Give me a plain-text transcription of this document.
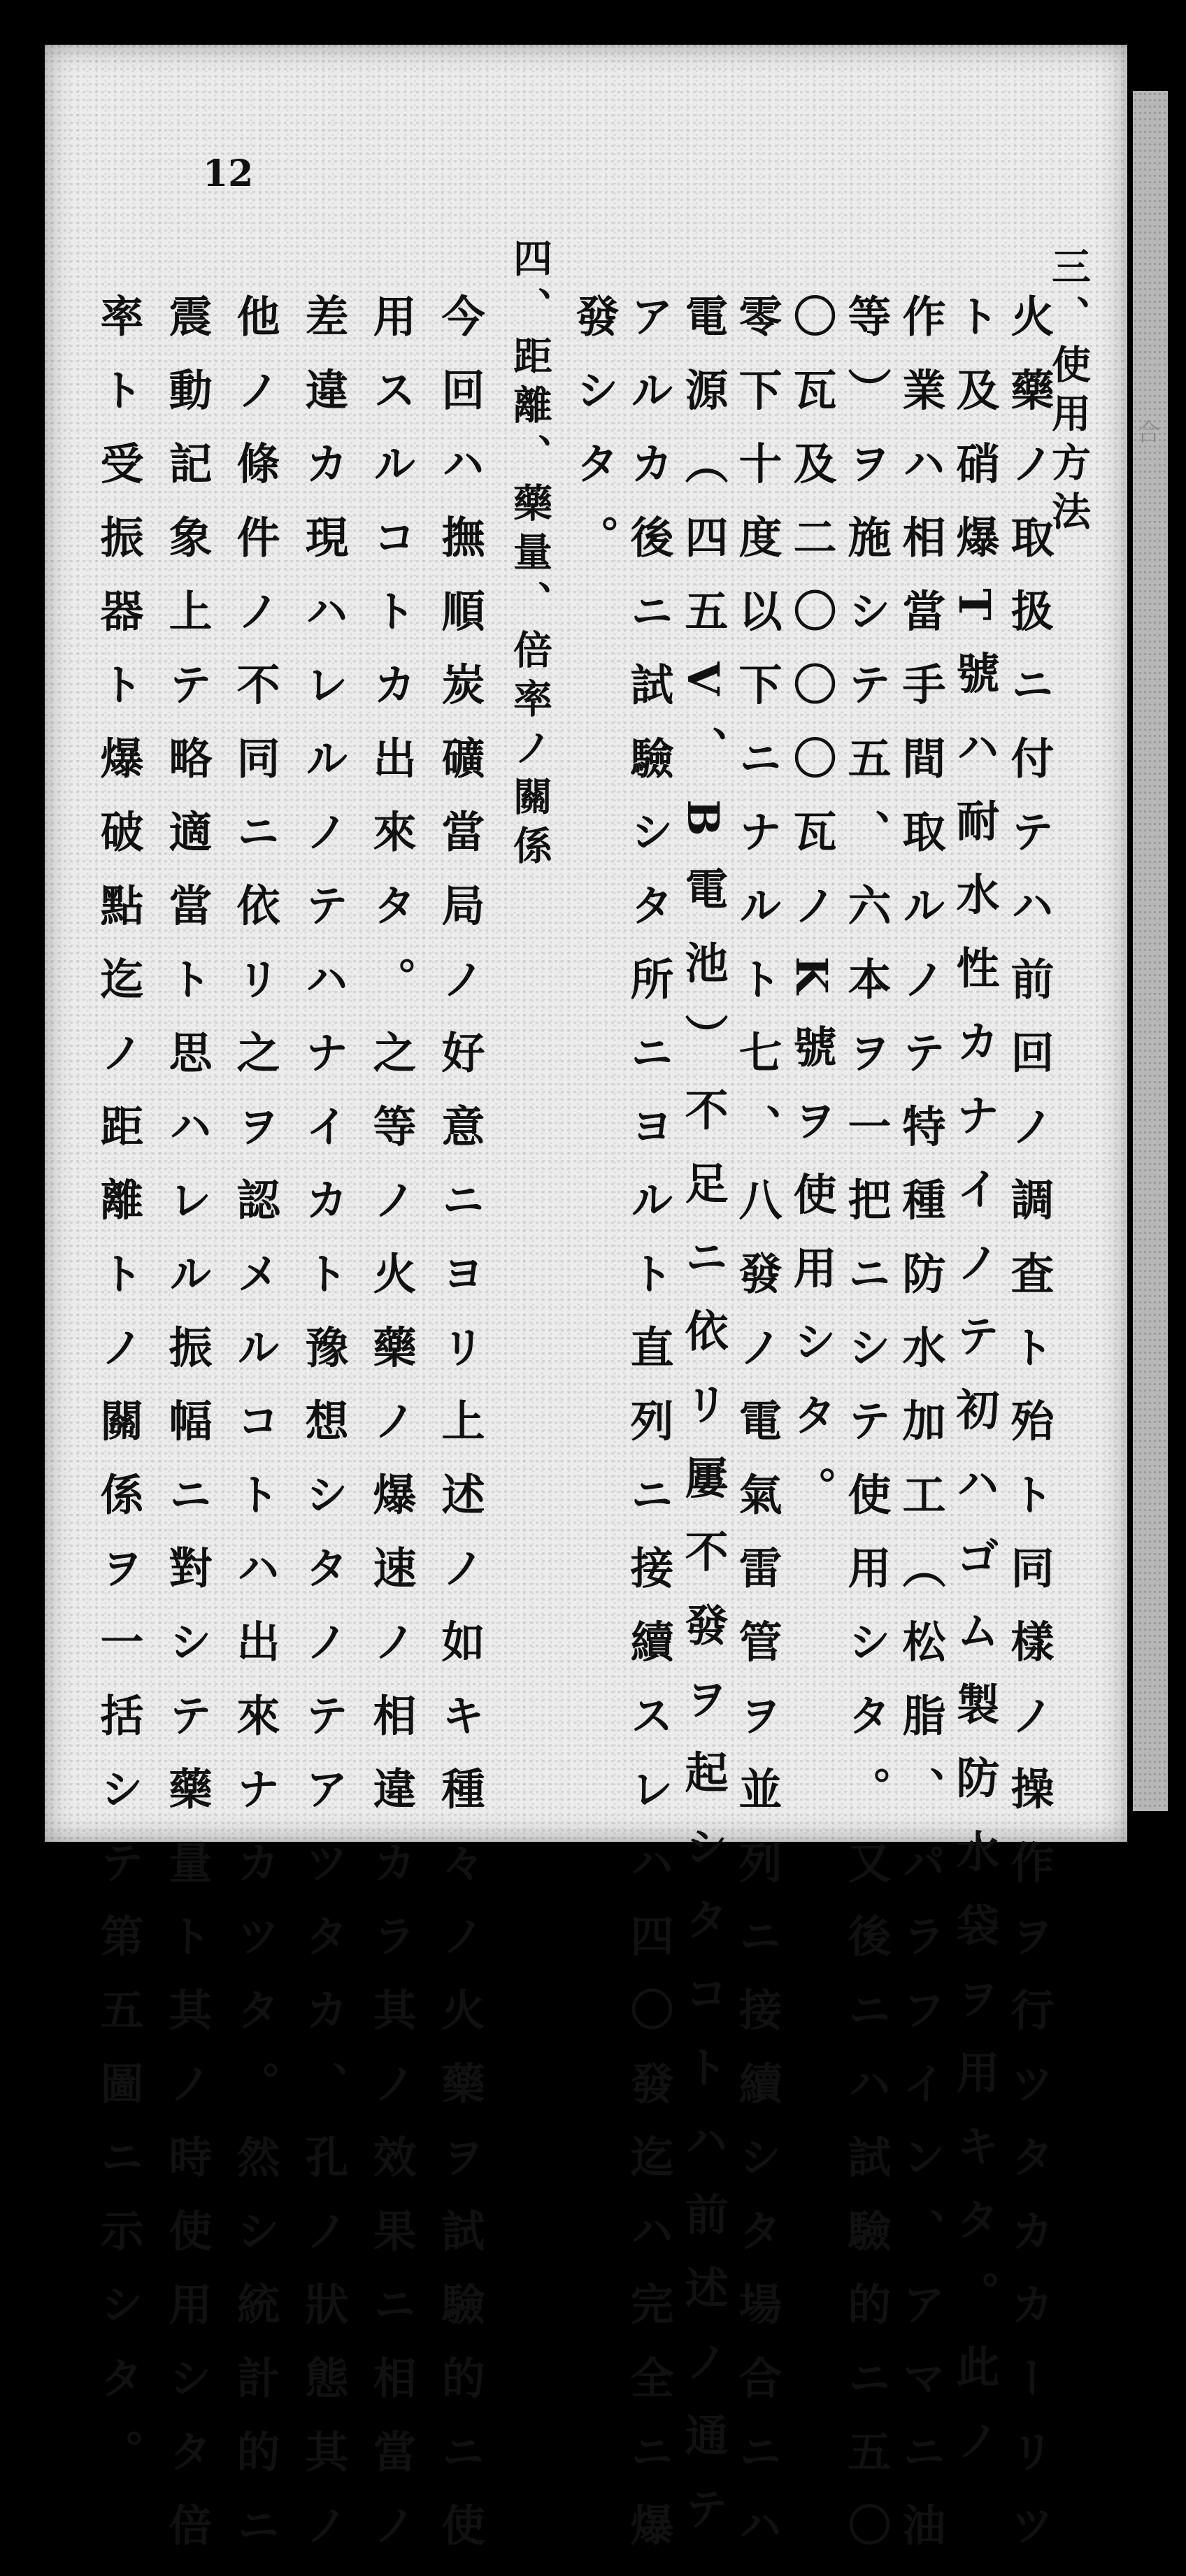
合
12
三、使用方法
火藥ノ取扱ニ付テハ前回ノ調査ト殆ト同樣ノ操作ヲ行ツタカカーリツ
ト及硝爆T號ハ耐水性カナイノテ初ハゴム製防水袋ヲ用キタ。此ノ
作業ハ相當手間取ルノテ特種防水加工（松脂、パラフイン、アマニ油
等）ヲ施シテ五、六本ヲ一把ニシテ使用シタ。又後ニハ試驗的ニ五〇
〇瓦及二〇〇〇瓦ノK號ヲ使用シタ。
零下十度以下ニナルト七、八發ノ電氣雷管ヲ並列ニ接續シタ場合ニハ
電源（四五V、B電池）不足ニ依リ屢不發ヲ起シタコトハ前述ノ通テ
アルカ後ニ試驗シタ所ニヨルト直列ニ接續スレハ四〇發迄ハ完全ニ爆
發シタ。
四、距離、藥量、倍率ノ關係
今回ハ撫順炭礦當局ノ好意ニヨリ上述ノ如キ種々ノ火藥ヲ試驗的ニ使
用スルコトカ出來タ。之等ノ火藥ノ爆速ノ相違カラ其ノ效果ニ相當ノ
差違カ現ハレルノテハナイカト豫想シタノテアツタカ、孔ノ狀態其ノ
他ノ條件ノ不同ニ依リ之ヲ認メルコトハ出來ナカツタ。然シ統計的ニ
震動記象上テ略適當ト思ハレル振幅ニ對シテ藥量ト其ノ時使用シタ倍
率ト受振器ト爆破點迄ノ距離トノ關係ヲ一括シテ第五圖ニ示シタ。
